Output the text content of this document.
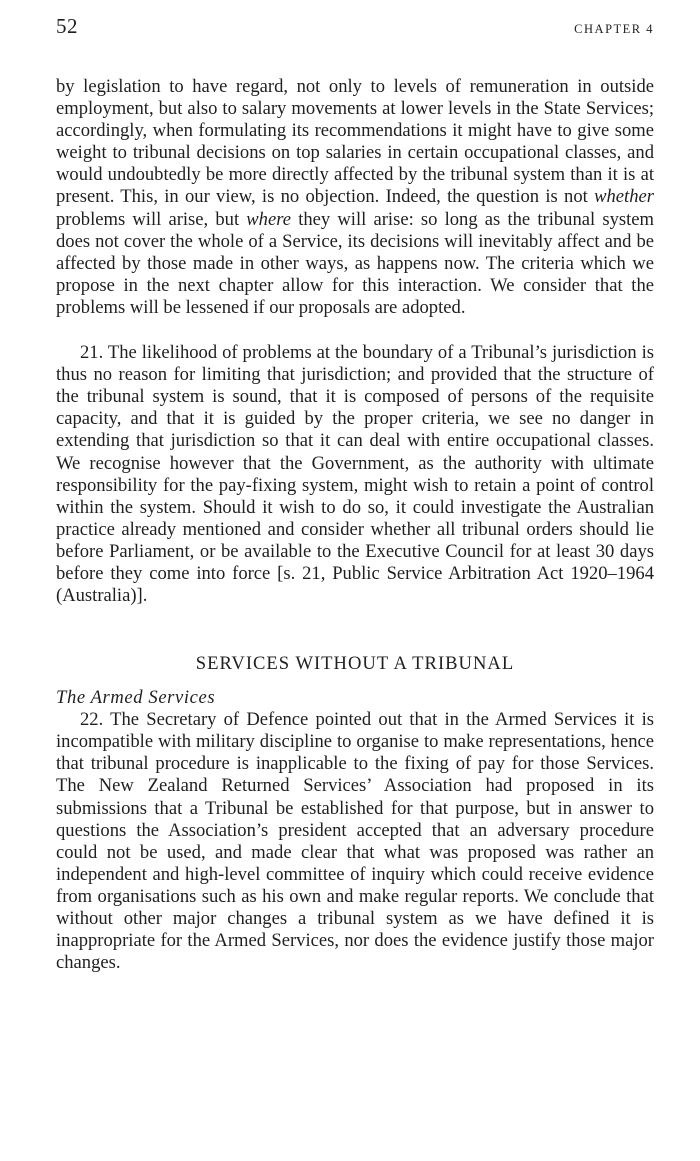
52	CHAPTER 4

by legislation to have regard, not only to levels of remuneration in outside employment, but also to salary movements at lower levels in the State Services; accordingly, when formulating its recommendations it might have to give some weight to tribunal decisions on top salaries in certain occupational classes, and would undoubtedly be more directly affected by the tribunal system than it is at present. This, in our view, is no objection. Indeed, the question is not whether problems will arise, but where they will arise: so long as the tribunal system does not cover the whole of a Service, its decisions will inevitably affect and be affected by those made in other ways, as happens now. The criteria which we propose in the next chapter allow for this interaction. We consider that the problems will be lessened if our proposals are adopted.

21. The likelihood of problems at the boundary of a Tribunal’s jurisdiction is thus no reason for limiting that jurisdiction; and provided that the structure of the tribunal system is sound, that it is composed of persons of the requisite capacity, and that it is guided by the proper criteria, we see no danger in extending that jurisdiction so that it can deal with entire occupational classes. We recognise however that the Government, as the authority with ultimate responsibility for the pay-fixing system, might wish to retain a point of control within the system. Should it wish to do so, it could investigate the Australian practice already mentioned and consider whether all tribunal orders should lie before Parliament, or be available to the Executive Council for at least 30 days before they come into force [s. 21, Public Service Arbitration Act 1920–1964 (Australia)].

SERVICES WITHOUT A TRIBUNAL
The Armed Services

22. The Secretary of Defence pointed out that in the Armed Services it is incompatible with military discipline to organise to make representations, hence that tribunal procedure is inapplicable to the fixing of pay for those Services. The New Zealand Returned Services’ Association had proposed in its submissions that a Tribunal be established for that purpose, but in answer to questions the Association’s president accepted that an adversary procedure could not be used, and made clear that what was proposed was rather an independent and high-level committee of inquiry which could receive evidence from organisations such as his own and make regular reports. We conclude that without other major changes a tribunal system as we have defined it is inappropriate for the Armed Services, nor does the evidence justify those major changes.
